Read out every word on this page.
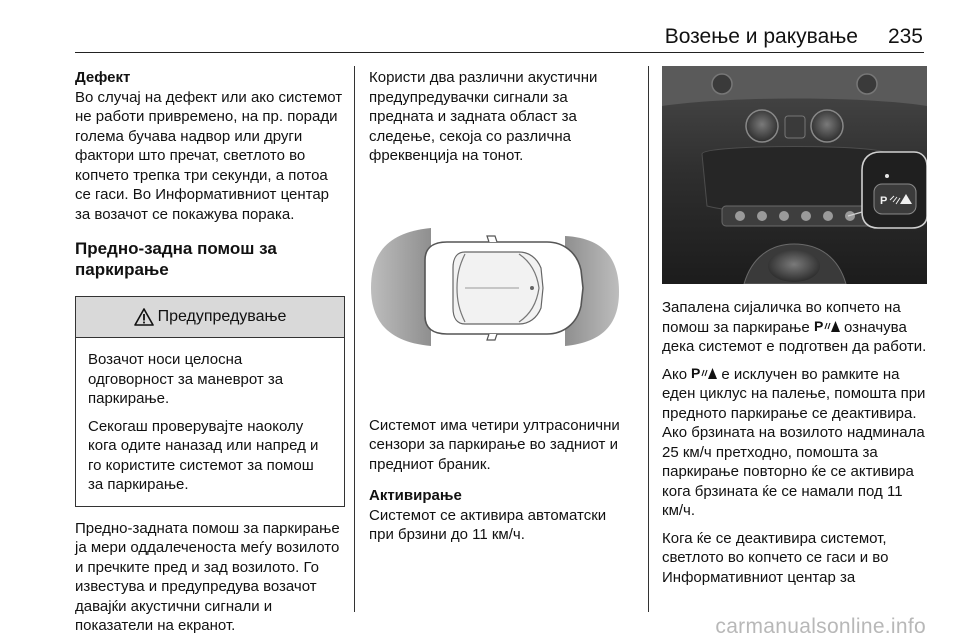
Возење и ракување 235

Дефект

Во случај на дефект или ако системот не работи привремено, на пр. поради голема бучава надвор или други фактори што пречат, светлото во копчето трепка три секунди, а потоа се гаси. Во Информативниот центар за возачот се покажува порака.

Предно-задна помош за паркирање

Предупредување

Возачот носи целосна одговорност за маневрот за паркирање.

Секогаш проверувајте наоколу кога одите наназад или напред и го користите системот за помош за паркирање.

Предно-задната помош за паркирање ја мери оддалеченоста меѓу возилото и пречките пред и зад возилото. Го известува и предупредува возачот давајќи акустични сигнали и показатели на екранот.

Користи два различни акустични предупредувачки сигнали за предната и задната област за следење, секоја со различна фреквенција на тонот.

Системот има четири ултрасонични сензори за паркирање во задниот и предниот браник.

Активирање

Системот се активира автоматски при брзини до 11 км/ч.

P

Запалена сијаличка во копчето на помош за паркирање P означува дека системот е подготвен да работи.

Ако P е исклучен во рамките на еден циклус на палење, помошта при предното паркирање се деактивира. Ако брзината на возилото надминала 25 км/ч претходно, помошта за паркирање повторно ќе се активира кога брзината ќе се намали под 11 км/ч.

Кога ќе се деактивира системот, светлото во копчето се гаси и во Информативниот центар за

carmanualsonline.info
